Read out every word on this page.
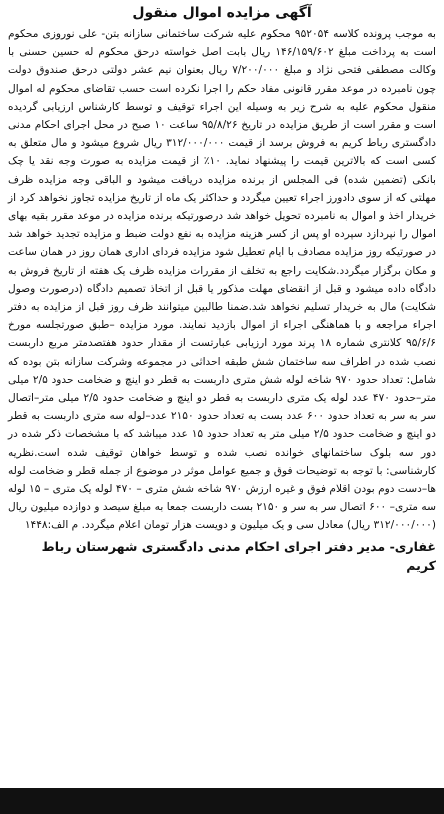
آگهی مزایده اموال منقول

به موجب پرونده کلاسه ۹۵۲۰۵۴ محکوم علیه شرکت ساختمانی سازانه بتن- علی نوروزی محکوم است به پرداخت مبلغ ۱۴۶/۱۵۹/۶۰۲ ریال بابت اصل خواسته درحق محکوم له حسین حسنی با وکالت مصطفی فتحی نژاد و مبلغ ۷/۲۰۰/۰۰۰ ریال بعنوان نیم عشر دولتی درحق صندوق دولت چون نامبرده در موعد مقرر قانونی مفاد حکم را اجرا نکرده است حسب تقاضای محکوم له اموال منقول محکوم علیه به شرح زیر به وسیله این اجراء توقیف و توسط کارشناس ارزیابی گردیده است و مقرر است از طریق مزایده در تاریخ ۹۵/۸/۲۶ ساعت ۱۰ صبح در محل اجرای احکام مدنی دادگستری رباط کریم به فروش برسد از قیمت ۳۱۲/۰۰۰/۰۰۰ ریال شروع میشود و مال متعلق به کسی است که بالاترین قیمت را پیشنهاد نماید. ۱۰٪ از قیمت مزایده به صورت وجه نقد یا چک بانکی (تضمین شده) فی المجلس از برنده مزایده دریافت میشود و الباقی وجه مزایده ظرف مهلتی که از سوی دادورز اجراء تعیین میگردد و حداکثر یک ماه از تاریخ مزایده تجاوز نخواهد کرد از خریدار اخذ و اموال به نامبرده تحویل خواهد شد درصورتیکه برنده مزایده در موعد مقرر بقیه بهای اموال را نپردازد سپرده او پس از کسر هزینه مزایده به نفع دولت ضبط و مزایده تجدید خواهد شد در صورتیکه روز مزایده مصادف با ایام تعطیل شود مزایده فردای اداری همان روز در همان ساعت و مکان برگزار میگردد.شکایت راجع به تخلف از مقررات مزایده ظرف یک هفته از تاریخ فروش به دادگاه داده میشود و قبل از انقضای مهلت مذکور یا قبل از اتخاذ تصمیم دادگاه (درصورت وصول شکایت) مال به خریدار تسلیم نخواهد شد.ضمنا طالبین میتوانند ظرف روز قبل از مزایده به دفتر اجراء مراجعه و با هماهنگی اجراء از اموال بازدید نمایند. مورد مزایده –طبق صورتجلسه مورخ ۹۵/۶/۶ کلانتری شماره ۱۸ پرند مورد ارزیابی عبارتست از مقدار حدود هفتصدمتر مربع داربست نصب شده در اطراف سه ساختمان شش طبقه احداثی در مجموعه وشرکت سازانه بتن بوده که شامل: تعداد حدود ۹۷۰ شاخه لوله شش متری داربست به قطر دو اینچ و ضخامت حدود ۲/۵ میلی متر–حدود ۴۷۰ عدد لوله یک متری داربست به قطر دو اینچ و ضخامت حدود ۲/۵ میلی متر–اتصال سر به سر به تعداد حدود ۶۰۰ عدد بست به تعداد حدود ۲۱۵۰ عدد–لوله سه متری داربست به قطر دو اینچ و ضخامت حدود ۲/۵ میلی متر به تعداد حدود ۱۵ عدد میباشد که با مشخصات ذکر شده در دور سه بلوک ساختمانهای خوانده نصب شده و توسط خواهان توقیف شده است.نظریه کارشناسی: با توجه به توضیحات فوق و جمیع عوامل موثر در موضوع از جمله قطر و ضخامت لوله ها–دست دوم بودن اقلام فوق و غیره ارزش ۹۷۰ شاخه شش متری – ۴۷۰ لوله یک متری – ۱۵ لوله سه متری– ۶۰۰ اتصال سر به سر و ۲۱۵۰ بست داربست جمعا به مبلغ سیصد و دوازده میلیون ریال (۳۱۲/۰۰۰/۰۰۰ ریال) معادل سی و یک میلیون و دویست هزار تومان اعلام میگردد. م الف:۱۴۴۸

غفاری- مدیر دفتر اجرای احکام مدنی دادگستری شهرستان رباط کریم
